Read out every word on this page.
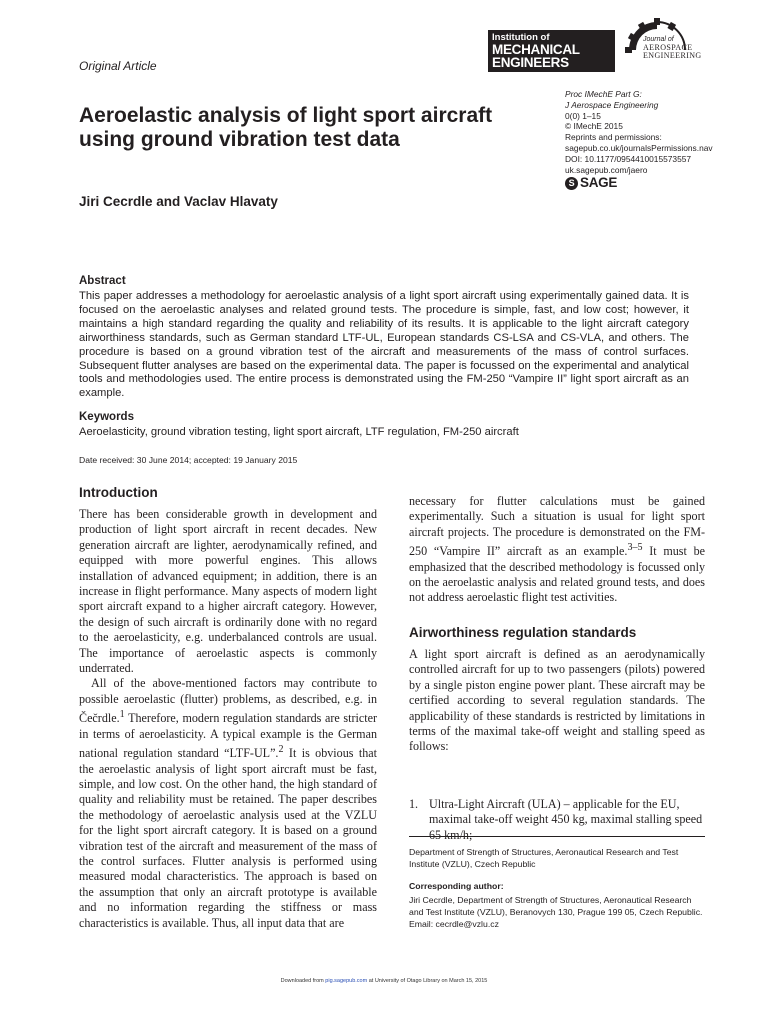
Original Article
Institution of
MECHANICAL
ENGINEERS
Journal of
AEROSPACE
ENGINEERING
Aeroelastic analysis of light sport aircraft using ground vibration test data

Jiri Cecrdle and Vaclav Hlavaty

Proc IMechE Part G:
J Aerospace Engineering
0(0) 1–15
© IMechE 2015
Reprints and permissions:
sagepub.co.uk/journalsPermissions.nav
DOI: 10.1177/0954410015573557
uk.sagepub.com/jaero
S SAGE
Abstract

This paper addresses a methodology for aeroelastic analysis of a light sport aircraft using experimentally gained data. It is focused on the aeroelastic analyses and related ground tests. The procedure is simple, fast, and low cost; however, it maintains a high standard regarding the quality and reliability of its results. It is applicable to the light aircraft category airworthiness standards, such as German standard LTF-UL, European standards CS-LSA and CS-VLA, and others. The procedure is based on a ground vibration test of the aircraft and measurements of the mass of control surfaces. Subsequent flutter analyses are based on the experimental data. The paper is focussed on the experimental and analytical tools and methodologies used. The entire process is demonstrated using the FM-250 “Vampire II” light sport aircraft as an example.

Keywords

Aeroelasticity, ground vibration testing, light sport aircraft, LTF regulation, FM-250 aircraft

Date received: 30 June 2014; accepted: 19 January 2015

Introduction

There has been considerable growth in development and production of light sport aircraft in recent decades. New generation aircraft are lighter, aerodynamically refined, and equipped with more powerful engines. This allows installation of advanced equipment; in addition, there is an increase in flight performance. Many aspects of modern light sport aircraft expand to a higher aircraft category. However, the design of such aircraft is ordinarily done with no regard to the aeroelasticity, e.g. underbalanced controls are usual. The importance of aeroelastic aspects is commonly underrated.

All of the above-mentioned factors may contribute to possible aeroelastic (flutter) problems, as described, e.g. in Čečrdle.$^1$ Therefore, modern regulation standards are stricter in terms of aeroelasticity. A typical example is the German national regulation standard “LTF-UL”.$^2$ It is obvious that the aeroelastic analysis of light sport aircraft must be fast, simple, and low cost. On the other hand, the high standard of quality and reliability must be retained. The paper describes the methodology of aeroelastic analysis used at the VZLU for the light sport aircraft category. It is based on a ground vibration test of the aircraft and measurement of the mass of the control surfaces. Flutter analysis is performed using measured modal characteristics. The approach is based on the assumption that only an aircraft prototype is available and no information regarding the stiffness or mass characteristics is available. Thus, all input data that are

necessary for flutter calculations must be gained experimentally. Such a situation is usual for light sport aircraft projects. The procedure is demonstrated on the FM-250 “Vampire II” aircraft as an example.$^{3-5}$ It must be emphasized that the described methodology is focussed only on the aeroelastic analysis and related ground tests, and does not address aeroelastic flight test activities.

Airworthiness regulation standards

A light sport aircraft is defined as an aerodynamically controlled aircraft for up to two passengers (pilots) powered by a single piston engine power plant. These aircraft may be certified according to several regulation standards. The applicability of these standards is restricted by limitations in terms of the maximal take-off weight and stalling speed as follows:

1. Ultra-Light Aircraft (ULA) – applicable for the EU, maximal take-off weight 450 kg, maximal stalling speed 65 km/h;

Department of Strength of Structures, Aeronautical Research and Test Institute (VZLU), Czech Republic

Corresponding author:

Jiri Cecrdle, Department of Strength of Structures, Aeronautical Research and Test Institute (VZLU), Beranovych 130, Prague 199 05, Czech Republic.
Email: cecrdle@vzlu.cz
Downloaded from pig.sagepub.com at University of Otago Library on March 15, 2015
